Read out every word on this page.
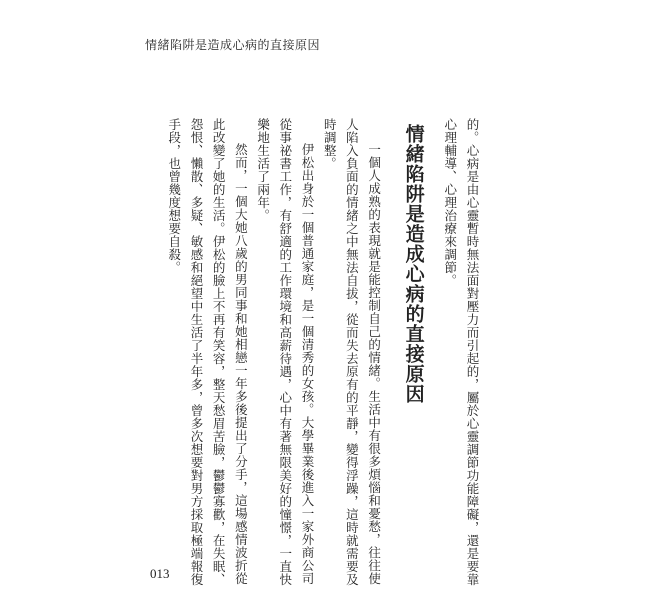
情緒陷阱是造成心病的直接原因

的。心病是由心靈暫時無法面對壓力而引起的，屬於心靈調節功能障礙，還是要靠心理輔導、心理治療來調節。

情緒陷阱是造成心病的直接原因

一個人成熟的表現就是能控制自己的情緒。生活中有很多煩惱和憂愁，往往使人陷入負面的情緒之中無法自拔，從而失去原有的平靜，變得浮躁，這時就需要及時調整。

伊松出身於一個普通家庭，是一個清秀的女孩。大學畢業後進入一家外商公司從事祕書工作，有舒適的工作環境和高薪待遇，心中有著無限美好的憧憬，一直快樂地生活了兩年。

然而，一個大她八歲的男同事和她相戀一年多後提出了分手，這場感情波折從此改變了她的生活。伊松的臉上不再有笑容，整天愁眉苦臉，鬱鬱寡歡，在失眠、怨恨、懶散、多疑、敏感和絕望中生活了半年多，曾多次想要對男方採取極端報復手段，也曾幾度想要自殺。

013
